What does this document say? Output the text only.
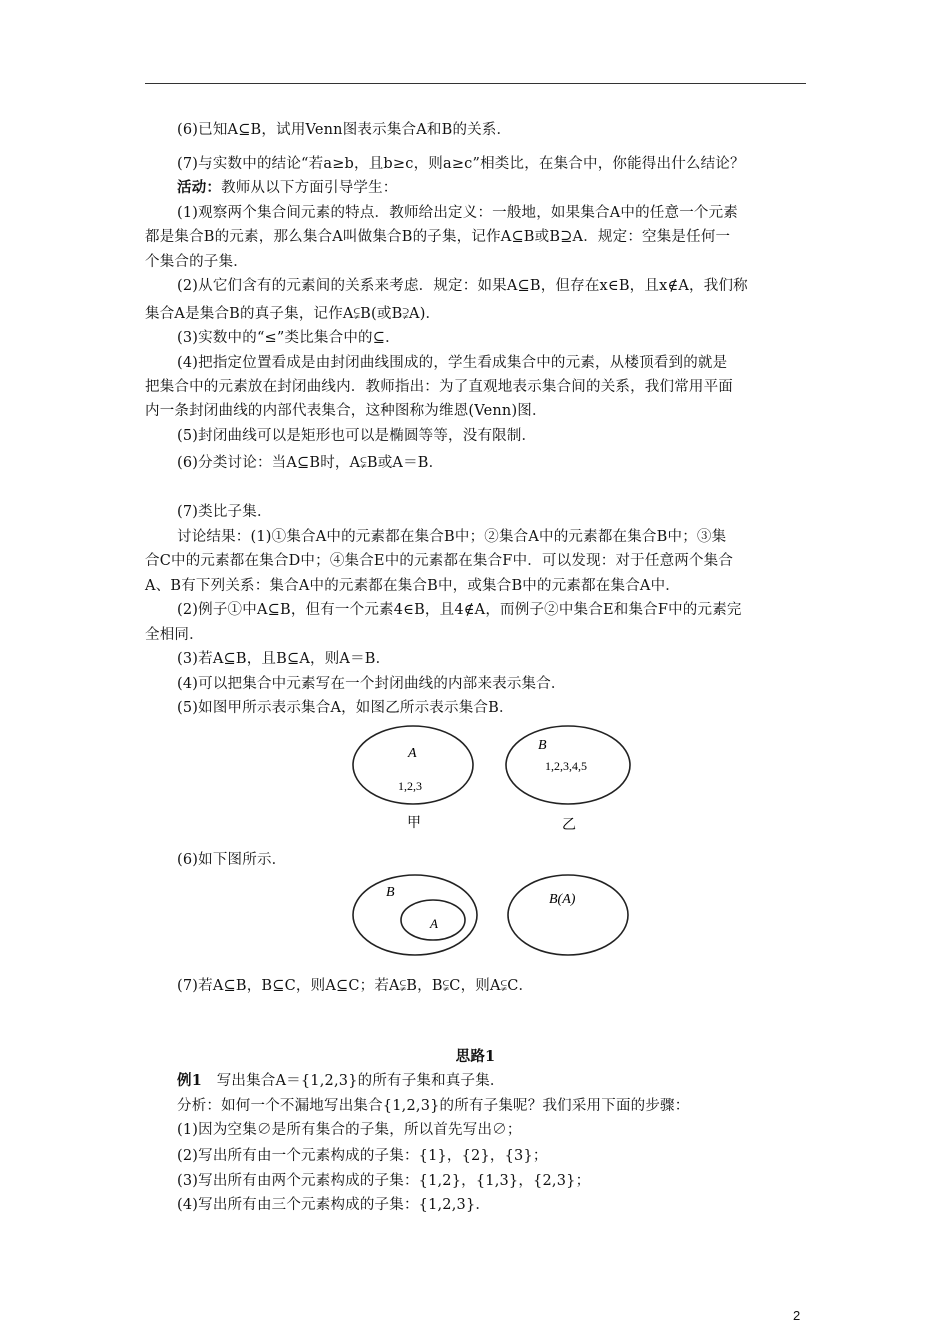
(6)已知A⊆B，试用Venn图表示集合A和B的关系．
(7)与实数中的结论“若a≥b，且b≥c，则a≥c”相类比，在集合中，你能得出什么结论？
活动：教师从以下方面引导学生：
(1)观察两个集合间元素的特点．教师给出定义：一般地，如果集合A中的任意一个元素
都是集合B的元素，那么集合A叫做集合B的子集，记作A⊆B或B⊇A．规定：空集是任何一
个集合的子集．
(2)从它们含有的元素间的关系来考虑．规定：如果A⊆B，但存在x∈B，且x∉A，我们称
集合A是集合B的真子集，记作A⫋B(或B⫌A)．
(3)实数中的“≤”类比集合中的⊆．
(4)把指定位置看成是由封闭曲线围成的，学生看成集合中的元素，从楼顶看到的就是
把集合中的元素放在封闭曲线内．教师指出：为了直观地表示集合间的关系，我们常用平面
内一条封闭曲线的内部代表集合，这种图称为维恩(Venn)图．
(5)封闭曲线可以是矩形也可以是椭圆等等，没有限制．
(6)分类讨论：当A⊆B时，A⫋B或A＝B．
(7)类比子集．
讨论结果：(1)①集合A中的元素都在集合B中；②集合A中的元素都在集合B中；③集
合C中的元素都在集合D中；④集合E中的元素都在集合F中．可以发现：对于任意两个集合
A、B有下列关系：集合A中的元素都在集合B中，或集合B中的元素都在集合A中．
(2)例子①中A⊆B，但有一个元素4∈B，且4∉A，而例子②中集合E和集合F中的元素完
全相同．
(3)若A⊆B，且B⊆A，则A＝B．
(4)可以把集合中元素写在一个封闭曲线的内部来表示集合．
(5)如图甲所示表示集合A，如图乙所示表示集合B．
A
1,2,3
B
1,2,3,4,5
甲	乙
(6)如下图所示．
B
A
B(A)
(7)若A⊆B，B⊆C，则A⊆C；若A⫋B，B⫋C，则A⫋C．
思路1
例1　写出集合A＝{1,2,3}的所有子集和真子集．
分析：如何一个不漏地写出集合{1,2,3}的所有子集呢？我们采用下面的步骤：
(1)因为空集∅是所有集合的子集，所以首先写出∅；
(2)写出所有由一个元素构成的子集：{1}，{2}，{3}；
(3)写出所有由两个元素构成的子集：{1,2}，{1,3}，{2,3}；
(4)写出所有由三个元素构成的子集：{1,2,3}．
2
